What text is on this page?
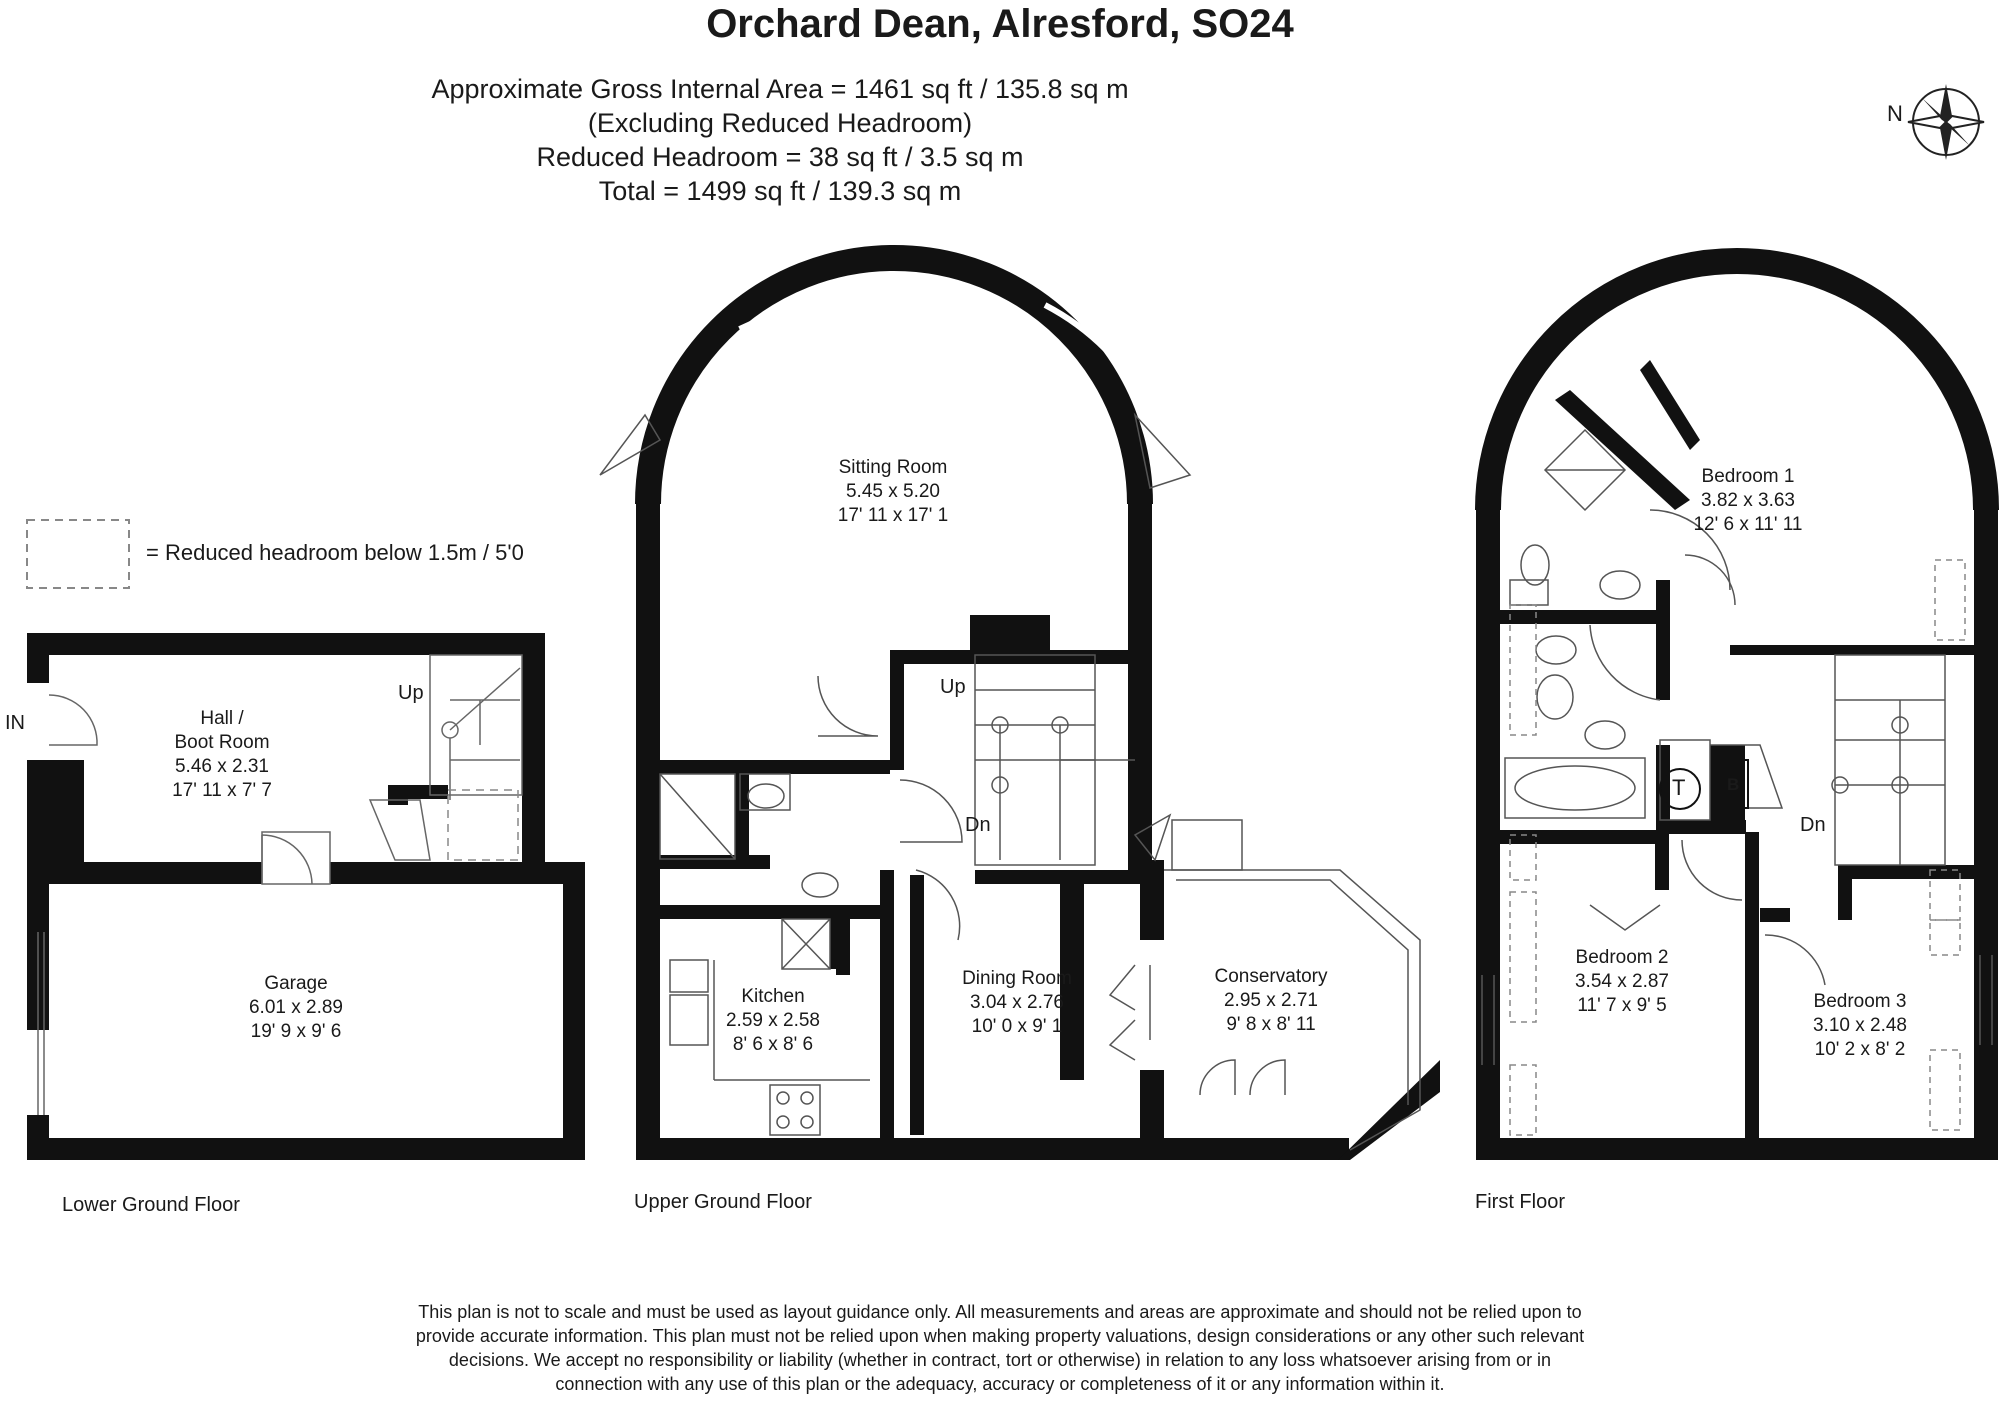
Orchard Dean, Alresford, SO24
Approximate Gross Internal Area = 1461 sq ft / 135.8 sq m
(Excluding Reduced Headroom)
Reduced Headroom = 38 sq ft / 3.5 sq m
Total = 1499 sq ft / 139.3 sq m
= Reduced headroom below 1.5m / 5'0
N
IN
Up	Up
Dn	Dn
T B
Hall /
Boot Room
5.46 x 2.31
17' 11 x 7' 7
Garage
6.01 x 2.89
19' 9 x 9' 6
Sitting Room
5.45 x 5.20
17' 11 x 17' 1
Kitchen
2.59 x 2.58
8' 6 x 8' 6
Dining Room
3.04 x 2.76
10' 0 x 9' 1
Conservatory
2.95 x 2.71
9' 8 x 8' 11
Bedroom 1
3.82 x 3.63
12' 6 x 11' 11
Bedroom 2
3.54 x 2.87
11' 7 x 9' 5	Bedroom 3
3.10 x 2.48
10' 2 x 8' 2
Lower Ground Floor	Upper Ground Floor	First Floor
This plan is not to scale and must be used as layout guidance only. All measurements and areas are approximate and should not be relied upon to
provide accurate information. This plan must not be relied upon when making property valuations, design considerations or any other such relevant
decisions. We accept no responsibility or liability (whether in contract, tort or otherwise) in relation to any loss whatsoever arising from or in
connection with any use of this plan or the adequacy, accuracy or completeness of it or any information within it.
